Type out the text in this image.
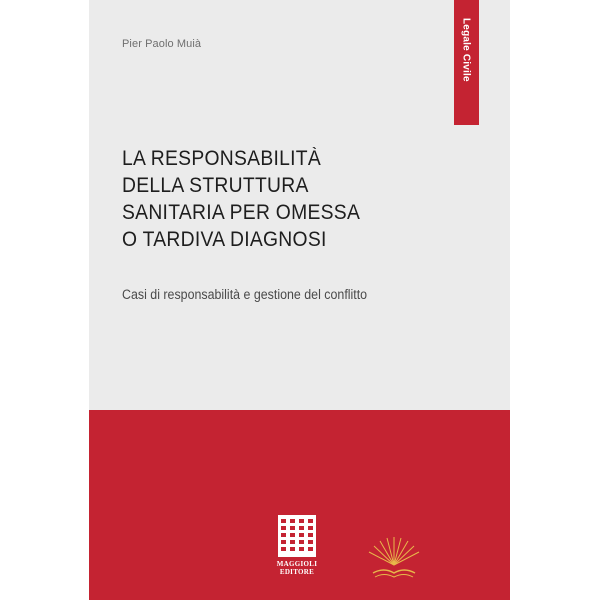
Pier Paolo Muià	Legale Civile
LA RESPONSABILITÀ
DELLA STRUTTURA
SANITARIA PER OMESSA
O TARDIVA DIAGNOSI
Casi di responsabilità e gestione del conflitto
MAGGIOLI
EDITORE
